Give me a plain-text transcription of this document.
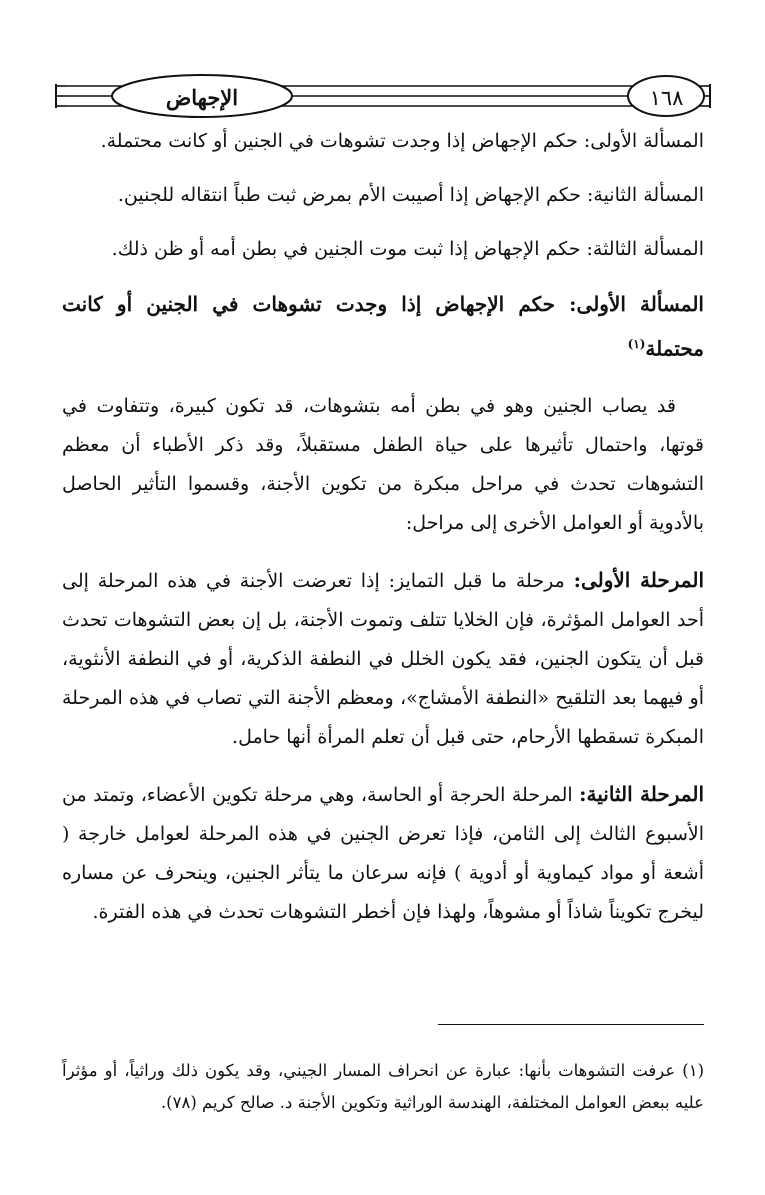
الإجهاض	١٦٨

المسألة الأولى: حكم الإجهاض إذا وجدت تشوهات في الجنين أو كانت محتملة.

المسألة الثانية: حكم الإجهاض إذا أصيبت الأم بمرض ثبت طباً انتقاله للجنين.

المسألة الثالثة: حكم الإجهاض إذا ثبت موت الجنين في بطن أمه أو ظن ذلك.

المسألة الأولى: حكم الإجهاض إذا وجدت تشوهات في الجنين أو كانت محتملة$^{(١)}$

قد يصاب الجنين وهو في بطن أمه بتشوهات، قد تكون كبيرة، وتتفاوت في قوتها، واحتمال تأثيرها على حياة الطفل مستقبلاً، وقد ذكر الأطباء أن معظم التشوهات تحدث في مراحل مبكرة من تكوين الأجنة، وقسموا التأثير الحاصل بالأدوية أو العوامل الأخرى إلى مراحل:

المرحلة الأولى: مرحلة ما قبل التمايز: إذا تعرضت الأجنة في هذه المرحلة إلى أحد العوامل المؤثرة، فإن الخلايا تتلف وتموت الأجنة، بل إن بعض التشوهات تحدث قبل أن يتكون الجنين، فقد يكون الخلل في النطفة الذكرية، أو في النطفة الأنثوية، أو فيهما بعد التلقيح «النطفة الأمشاج»، ومعظم الأجنة التي تصاب في هذه المرحلة المبكرة تسقطها الأرحام، حتى قبل أن تعلم المرأة أنها حامل.

المرحلة الثانية: المرحلة الحرجة أو الحاسة، وهي مرحلة تكوين الأعضاء، وتمتد من الأسبوع الثالث إلى الثامن، فإذا تعرض الجنين في هذه المرحلة لعوامل خارجة ( أشعة أو مواد كيماوية أو أدوية ) فإنه سرعان ما يتأثر الجنين، وينحرف عن مساره ليخرج تكويناً شاذاً أو مشوهاً، ولهذا فإن أخطر التشوهات تحدث في هذه الفترة.

(١) عرفت التشوهات بأنها: عبارة عن انحراف المسار الجيني، وقد يكون ذلك وراثياً، أو مؤثراً عليه ببعض العوامل المختلفة، الهندسة الوراثية وتكوين الأجنة د. صالح كريم (٧٨).
